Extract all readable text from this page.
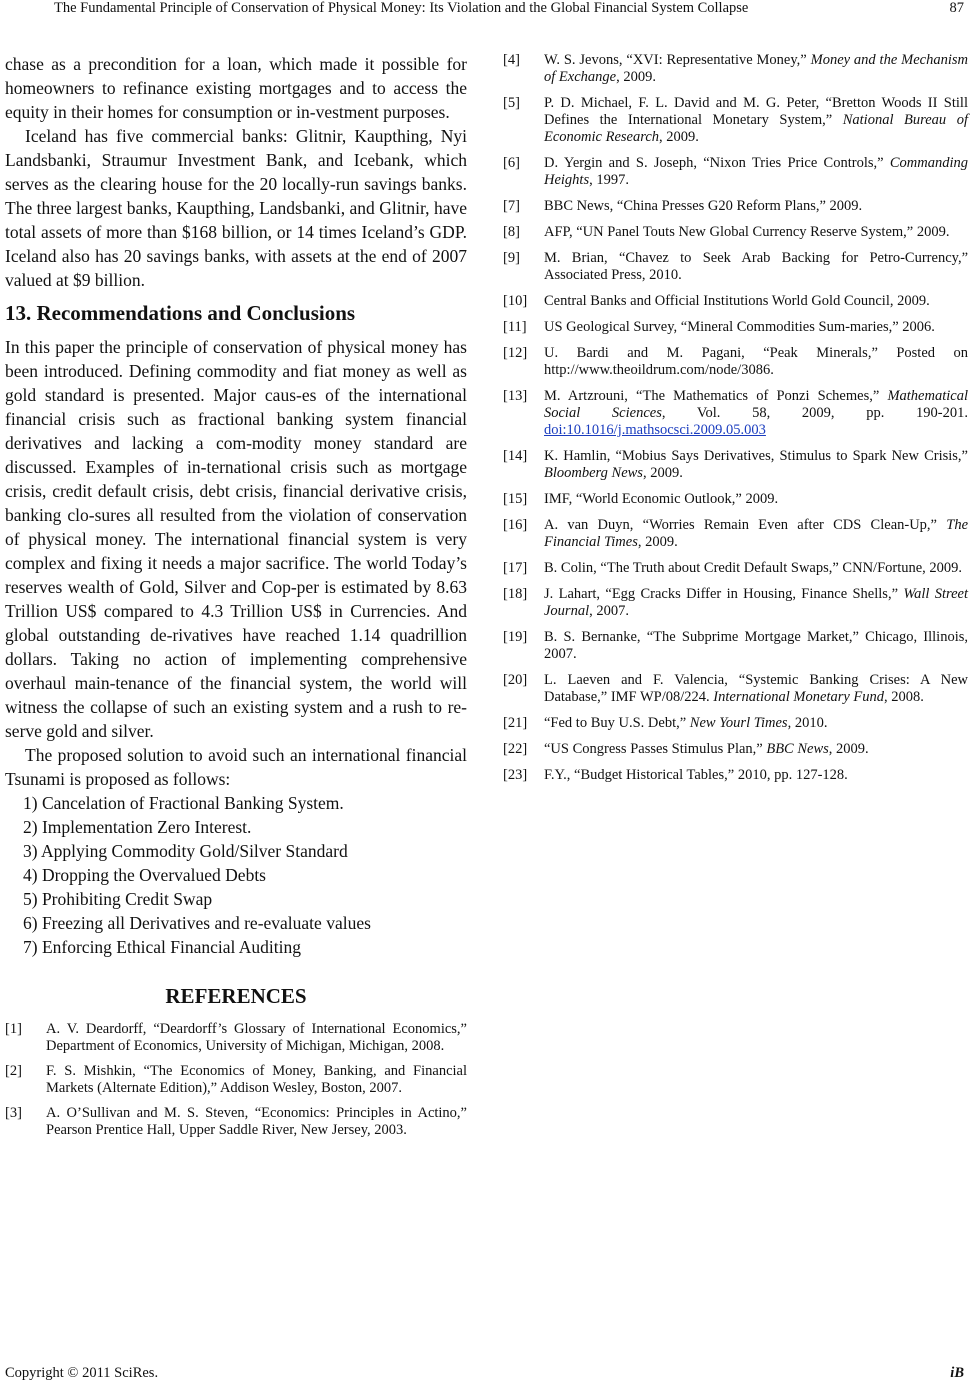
The Fundamental Principle of Conservation of Physical Money: Its Violation and the Global Financial System Collapse	87

chase as a precondition for a loan, which made it possible for homeowners to refinance existing mortgages and to access the equity in their homes for consumption or in-vestment purposes.

Iceland has five commercial banks: Glitnir, Kaupthing, Nyi Landsbanki, Straumur Investment Bank, and Icebank, which serves as the clearing house for the 20 locally-run savings banks. The three largest banks, Kaupthing, Landsbanki, and Glitnir, have total assets of more than $168 billion, or 14 times Iceland’s GDP. Iceland also has 20 savings banks, with assets at the end of 2007 valued at $9 billion.

13. Recommendations and Conclusions

In this paper the principle of conservation of physical money has been introduced. Defining commodity and fiat money as well as gold standard is presented. Major caus-es of the international financial crisis such as fractional banking system financial derivatives and lacking a com-modity money standard are discussed. Examples of in-ternational crisis such as mortgage crisis, credit default crisis, debt crisis, financial derivative crisis, banking clo-sures all resulted from the violation of conservation of physical money. The international financial system is very complex and fixing it needs a major sacrifice. The world Today’s reserves wealth of Gold, Silver and Cop-per is estimated by 8.63 Trillion US$ compared to 4.3 Trillion US$ in Currencies. And global outstanding de-rivatives have reached 1.14 quadrillion dollars. Taking no action of implementing comprehensive overhaul main-tenance of the financial system, the world will witness the collapse of such an existing system and a rush to re-serve gold and silver.

The proposed solution to avoid such an international financial Tsunami is proposed as follows:

1) Cancelation of Fractional Banking System.
2) Implementation Zero Interest.
3) Applying Commodity Gold/Silver Standard
4) Dropping the Overvalued Debts
5) Prohibiting Credit Swap
6) Freezing all Derivatives and re-evaluate values
7) Enforcing Ethical Financial Auditing
REFERENCES
[1]	A. V. Deardorff, “Deardorff’s Glossary of International Economics,” Department of Economics, University of Michigan, Michigan, 2008.
[2]	F. S. Mishkin, “The Economics of Money, Banking, and Financial Markets (Alternate Edition),” Addison Wesley, Boston, 2007.
[3]	A. O’Sullivan and M. S. Steven, “Economics: Principles in Actino,” Pearson Prentice Hall, Upper Saddle River, New Jersey, 2003.
[4]	W. S. Jevons, “XVI: Representative Money,” Money and the Mechanism of Exchange, 2009.
[5]	P. D. Michael, F. L. David and M. G. Peter, “Bretton Woods II Still Defines the International Monetary System,” National Bureau of Economic Research, 2009.
[6]	D. Yergin and S. Joseph, “Nixon Tries Price Controls,” Commanding Heights, 1997.
[7]	BBC News, “China Presses G20 Reform Plans,” 2009.
[8]	AFP, “UN Panel Touts New Global Currency Reserve System,” 2009.
[9]	M. Brian, “Chavez to Seek Arab Backing for Petro-Currency,” Associated Press, 2010.
[10]	Central Banks and Official Institutions World Gold Council, 2009.
[11]	US Geological Survey, “Mineral Commodities Sum-maries,” 2006.
[12]	U. Bardi and M. Pagani, “Peak Minerals,” Posted on http://www.theoildrum.com/node/3086.
[13]	M. Artzrouni, “The Mathematics of Ponzi Schemes,” Mathematical Social Sciences, Vol. 58, 2009, pp. 190-201. doi:10.1016/j.mathsocsci.2009.05.003
[14]	K. Hamlin, “Mobius Says Derivatives, Stimulus to Spark New Crisis,” Bloomberg News, 2009.
[15]	IMF, “World Economic Outlook,” 2009.
[16]	A. van Duyn, “Worries Remain Even after CDS Clean-Up,” The Financial Times, 2009.
[17]	B. Colin, “The Truth about Credit Default Swaps,” CNN/Fortune, 2009.
[18]	J. Lahart, “Egg Cracks Differ in Housing, Finance Shells,” Wall Street Journal, 2007.
[19]	B. S. Bernanke, “The Subprime Mortgage Market,” Chicago, Illinois, 2007.
[20]	L. Laeven and F. Valencia, “Systemic Banking Crises: A New Database,” IMF WP/08/224. International Monetary Fund, 2008.
[21]	“Fed to Buy U.S. Debt,” New Yourl Times, 2010.
[22]	“US Congress Passes Stimulus Plan,” BBC News, 2009.
[23]	F.Y., “Budget Historical Tables,” 2010, pp. 127-128.
Copyright © 2011 SciRes.	iB
